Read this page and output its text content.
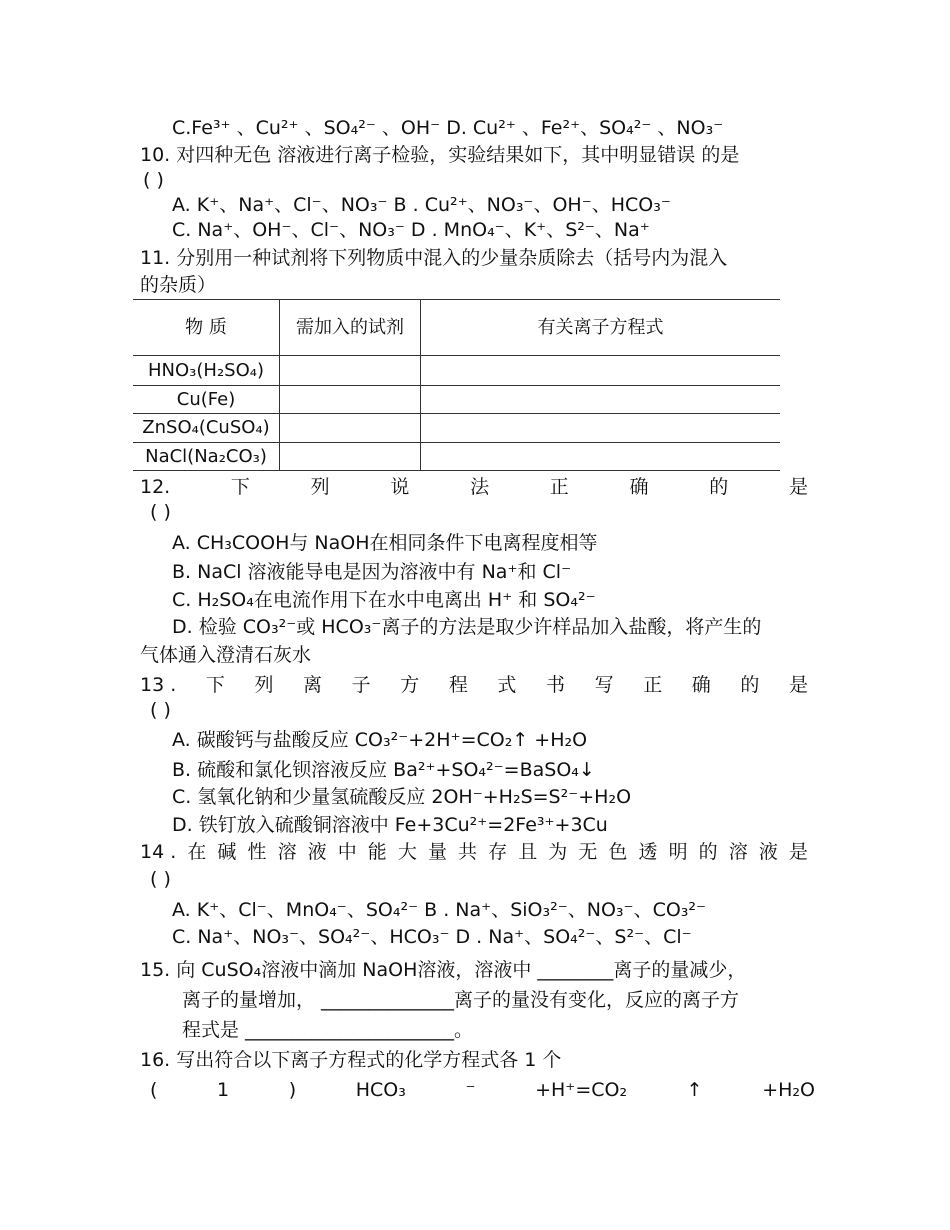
C.Fe³⁺ 、Cu²⁺ 、SO₄²⁻ 、OH⁻ D. Cu²⁺ 、Fe²⁺、SO₄²⁻ 、NO₃⁻
10. 对四种无色 溶液进行离子检验，实验结果如下，其中明显错误 的是
( )
A. K⁺、Na⁺、Cl⁻、NO₃⁻ B . Cu²⁺、NO₃⁻、OH⁻、HCO₃⁻
C. Na⁺、OH⁻、Cl⁻、NO₃⁻ D . MnO₄⁻、K⁺、S²⁻、Na⁺
11. 分别用一种试剂将下列物质中混入的少量杂质除去（括号内为混入
的杂质）
物 质	需加入的试剂	有关离子方程式
HNO₃(H₂SO₄)		
Cu(Fe)		
ZnSO₄(CuSO₄)		
NaCl(Na₂CO₃)		
12.	下	列	说	法	正	确	的	是
( )
A. CH₃COOH与 NaOH在相同条件下电离程度相等
B. NaCl 溶液能导电是因为溶液中有 Na⁺和 Cl⁻
C. H₂SO₄在电流作用下在水中电离出 H⁺ 和 SO₄²⁻
D. 检验 CO₃²⁻或 HCO₃⁻离子的方法是取少许样品加入盐酸，将产生的
气体通入澄清石灰水
13 . 下 列 离 子 方 程 式 书 写 正 确 的 是
( )
A. 碳酸钙与盐酸反应 CO₃²⁻+2H⁺=CO₂↑ +H₂O
B. 硫酸和氯化钡溶液反应 Ba²⁺+SO₄²⁻=BaSO₄↓
C. 氢氧化钠和少量氢硫酸反应 2OH⁻+H₂S=S²⁻+H₂O
D. 铁钉放入硫酸铜溶液中 Fe+3Cu²⁺=2Fe³⁺+3Cu
14 . 在 碱 性 溶 液 中 能 大 量 共 存 且 为 无 色 透 明 的 溶 液 是
( )
A. K⁺、Cl⁻、MnO₄⁻、SO₄²⁻ B . Na⁺、SiO₃²⁻、NO₃⁻、CO₃²⁻
C. Na⁺、NO₃⁻、SO₄²⁻、HCO₃⁻ D . Na⁺、SO₄²⁻、S²⁻、Cl⁻
15. 向 CuSO₄溶液中滴加 NaOH溶液，溶液中 ________离子的量减少，
离子的量增加， ______________离子的量没有变化，反应的离子方
程式是 ______________________。
16. 写出符合以下离子方程式的化学方程式各 1 个
(	1	)	HCO₃	⁻	+H⁺=CO₂	↑	+H₂O
